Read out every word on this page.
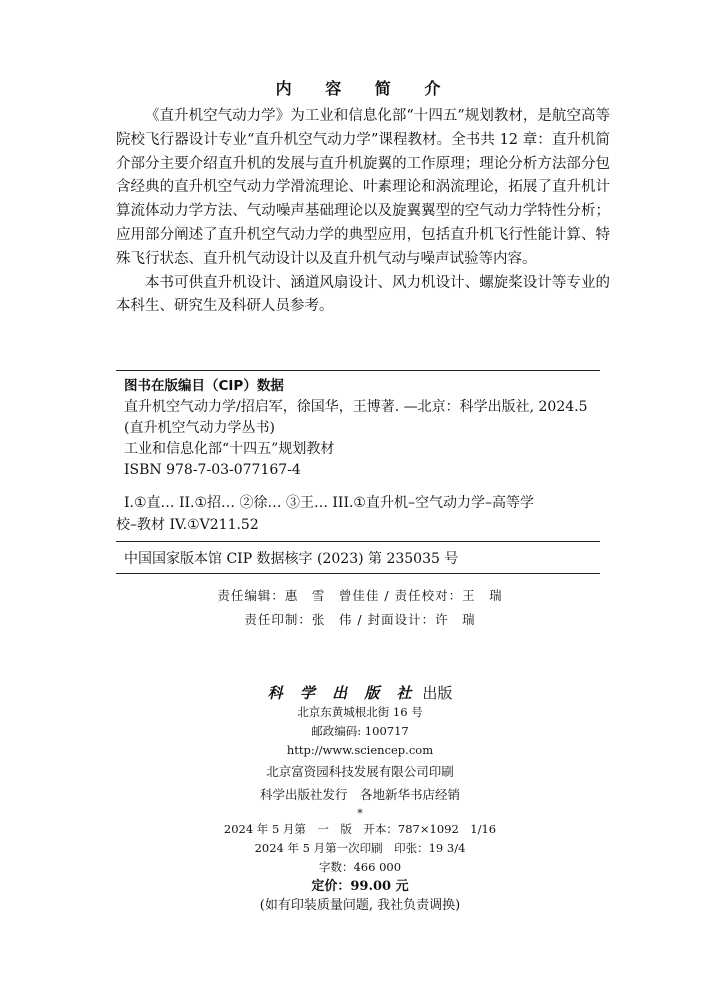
内 容 简 介

《直升机空气动力学》为工业和信息化部“十四五”规划教材，是航空高等院校飞行器设计专业“直升机空气动力学”课程教材。全书共 12 章：直升机简介部分主要介绍直升机的发展与直升机旋翼的工作原理；理论分析方法部分包含经典的直升机空气动力学滑流理论、叶素理论和涡流理论，拓展了直升机计算流体动力学方法、气动噪声基础理论以及旋翼翼型的空气动力学特性分析；应用部分阐述了直升机空气动力学的典型应用，包括直升机飞行性能计算、特殊飞行状态、直升机气动设计以及直升机气动与噪声试验等内容。

本书可供直升机设计、涵道风扇设计、风力机设计、螺旋桨设计等专业的本科生、研究生及科研人员参考。

图书在版编目（CIP）数据
直升机空气动力学/招启军，徐国华，王博著. —北京：科学出版社, 2024.5
(直升机空气动力学丛书)
工业和信息化部“十四五”规划教材
ISBN 978-7-03-077167-4
I.①直… II.①招… ②徐… ③王… III.①直升机–空气动力学–高等学
校–教材 IV.①V211.52
中国国家版本馆 CIP 数据核字 (2023) 第 235035 号
责任编辑：惠　雪　曾佳佳 / 责任校对：王　瑞
责任印制：张　伟 / 封面设计：许　瑞
科 学 出 版 社 出版
北京东黄城根北街 16 号
邮政编码: 100717
http://www.sciencep.com
北京富资园科技发展有限公司印刷
科学出版社发行　各地新华书店经销
*
2024 年 5 月第　一　版　开本：787×1092　1/16
2024 年 5 月第一次印刷　印张：19 3/4
字数：466 000
定价：99.00 元
(如有印装质量问题, 我社负责调换)
